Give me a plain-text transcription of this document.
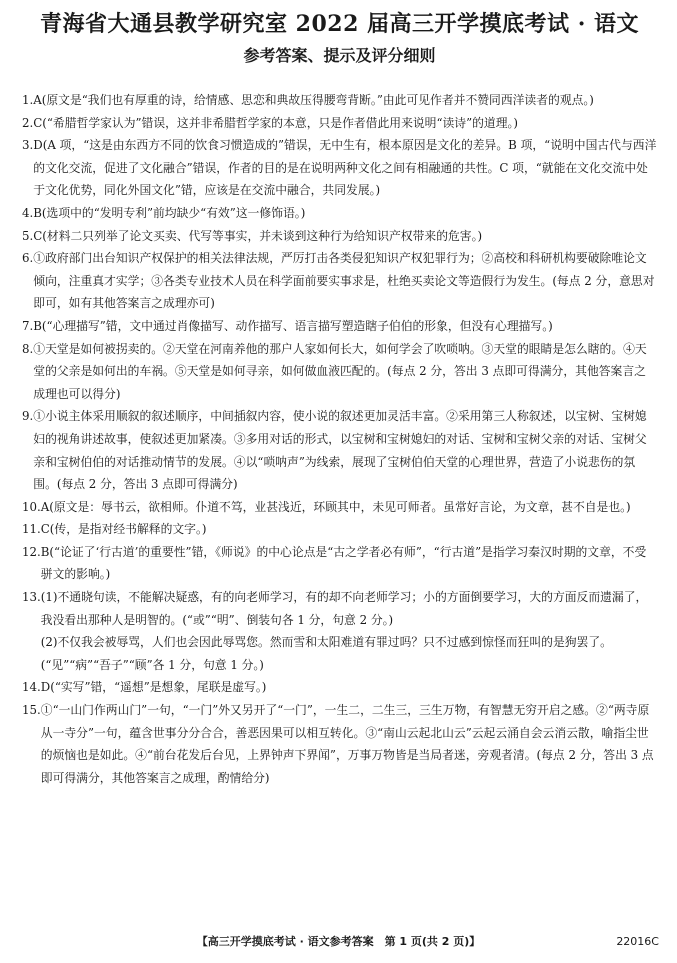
青海省大通县教学研究室 2022 届高三开学摸底考试 · 语文
参考答案、提示及评分细则
1. A(原文是“我们也有厚重的诗，给情感、思恋和典故压得腰弯背断。”由此可见作者并不赞同西洋读者的观点。)

2. C(“希腊哲学家认为”错误，这并非希腊哲学家的本意，只是作者借此用来说明“读诗”的道理。)

3. D(A 项，“这是由东西方不同的饮食习惯造成的”错误，无中生有，根本原因是文化的差异。B 项，“说明中国古代与西洋的文化交流，促进了文化融合”错误，作者的目的是在说明两种文化之间有相融通的共性。C 项，“就能在文化交流中处于文化优势，同化外国文化”错，应该是在交流中融合，共同发展。)

4. B(选项中的“发明专利”前均缺少“有效”这一修饰语。)

5. C(材料二只列举了论文买卖、代写等事实，并未谈到这种行为给知识产权带来的危害。)

6. ①政府部门出台知识产权保护的相关法律法规，严厉打击各类侵犯知识产权犯罪行为；②高校和科研机构要破除唯论文倾向，注重真才实学；③各类专业技术人员在科学面前要实事求是，杜绝买卖论文等造假行为发生。(每点 2 分，意思对即可，如有其他答案言之成理亦可)

7. B(“心理描写”错，文中通过肖像描写、动作描写、语言描写塑造瞎子伯伯的形象，但没有心理描写。)

8. ①天堂是如何被拐卖的。②天堂在河南养他的那户人家如何长大，如何学会了吹唢呐。③天堂的眼睛是怎么瞎的。④天堂的父亲是如何出的车祸。⑤天堂是如何寻亲，如何做血液匹配的。(每点 2 分，答出 3 点即可得满分，其他答案言之成理也可以得分)

9. ①小说主体采用顺叙的叙述顺序，中间插叙内容，使小说的叙述更加灵活丰富。②采用第三人称叙述，以宝树、宝树媳妇的视角讲述故事，使叙述更加紧凑。③多用对话的形式，以宝树和宝树媳妇的对话、宝树和宝树父亲的对话、宝树父亲和宝树伯伯的对话推动情节的发展。④以“唢呐声”为线索，展现了宝树伯伯天堂的心理世界，营造了小说悲伤的氛围。(每点 2 分，答出 3 点即可得满分)

10. A(原文是：辱书云，欲相师。仆道不笃，业甚浅近，环顾其中，未见可师者。虽常好言论，为文章，甚不自是也。)

11. C(传，是指对经书解释的文字。)

12. B(“论证了‘行古道’的重要性”错，《师说》的中心论点是“古之学者必有师”，“行古道”是指学习秦汉时期的文章，不受骈文的影响。)

13. (1)不通晓句读，不能解决疑惑，有的向老师学习，有的却不向老师学习；小的方面倒要学习，大的方面反而遗漏了，我没看出那种人是明智的。(“或”“明”、倒装句各 1 分，句意 2 分。)

(2)不仅我会被辱骂，人们也会因此辱骂您。然而雪和太阳难道有罪过吗？只不过感到惊怪而狂叫的是狗罢了。(“见”“病”“吾子”“顾”各 1 分，句意 1 分。)

14. D(“实写”错，“遥想”是想象，尾联是虚写。)

15. ①“一山门作两山门”一句，“一门”外又另开了“一门”，一生二，二生三，三生万物，有智慧无穷开启之感。②“两寺原从一寺分”一句，蕴含世事分分合合，善恶因果可以相互转化。③“南山云起北山云”云起云涌自会云消云散，喻指尘世的烦恼也是如此。④“前台花发后台见，上界钟声下界闻”，万事万物皆是当局者迷，旁观者清。(每点 2 分，答出 3 点即可得满分，其他答案言之成理，酌情给分)

【高三开学摸底考试 · 语文参考答案　第 1 页(共 2 页)】	22016C
